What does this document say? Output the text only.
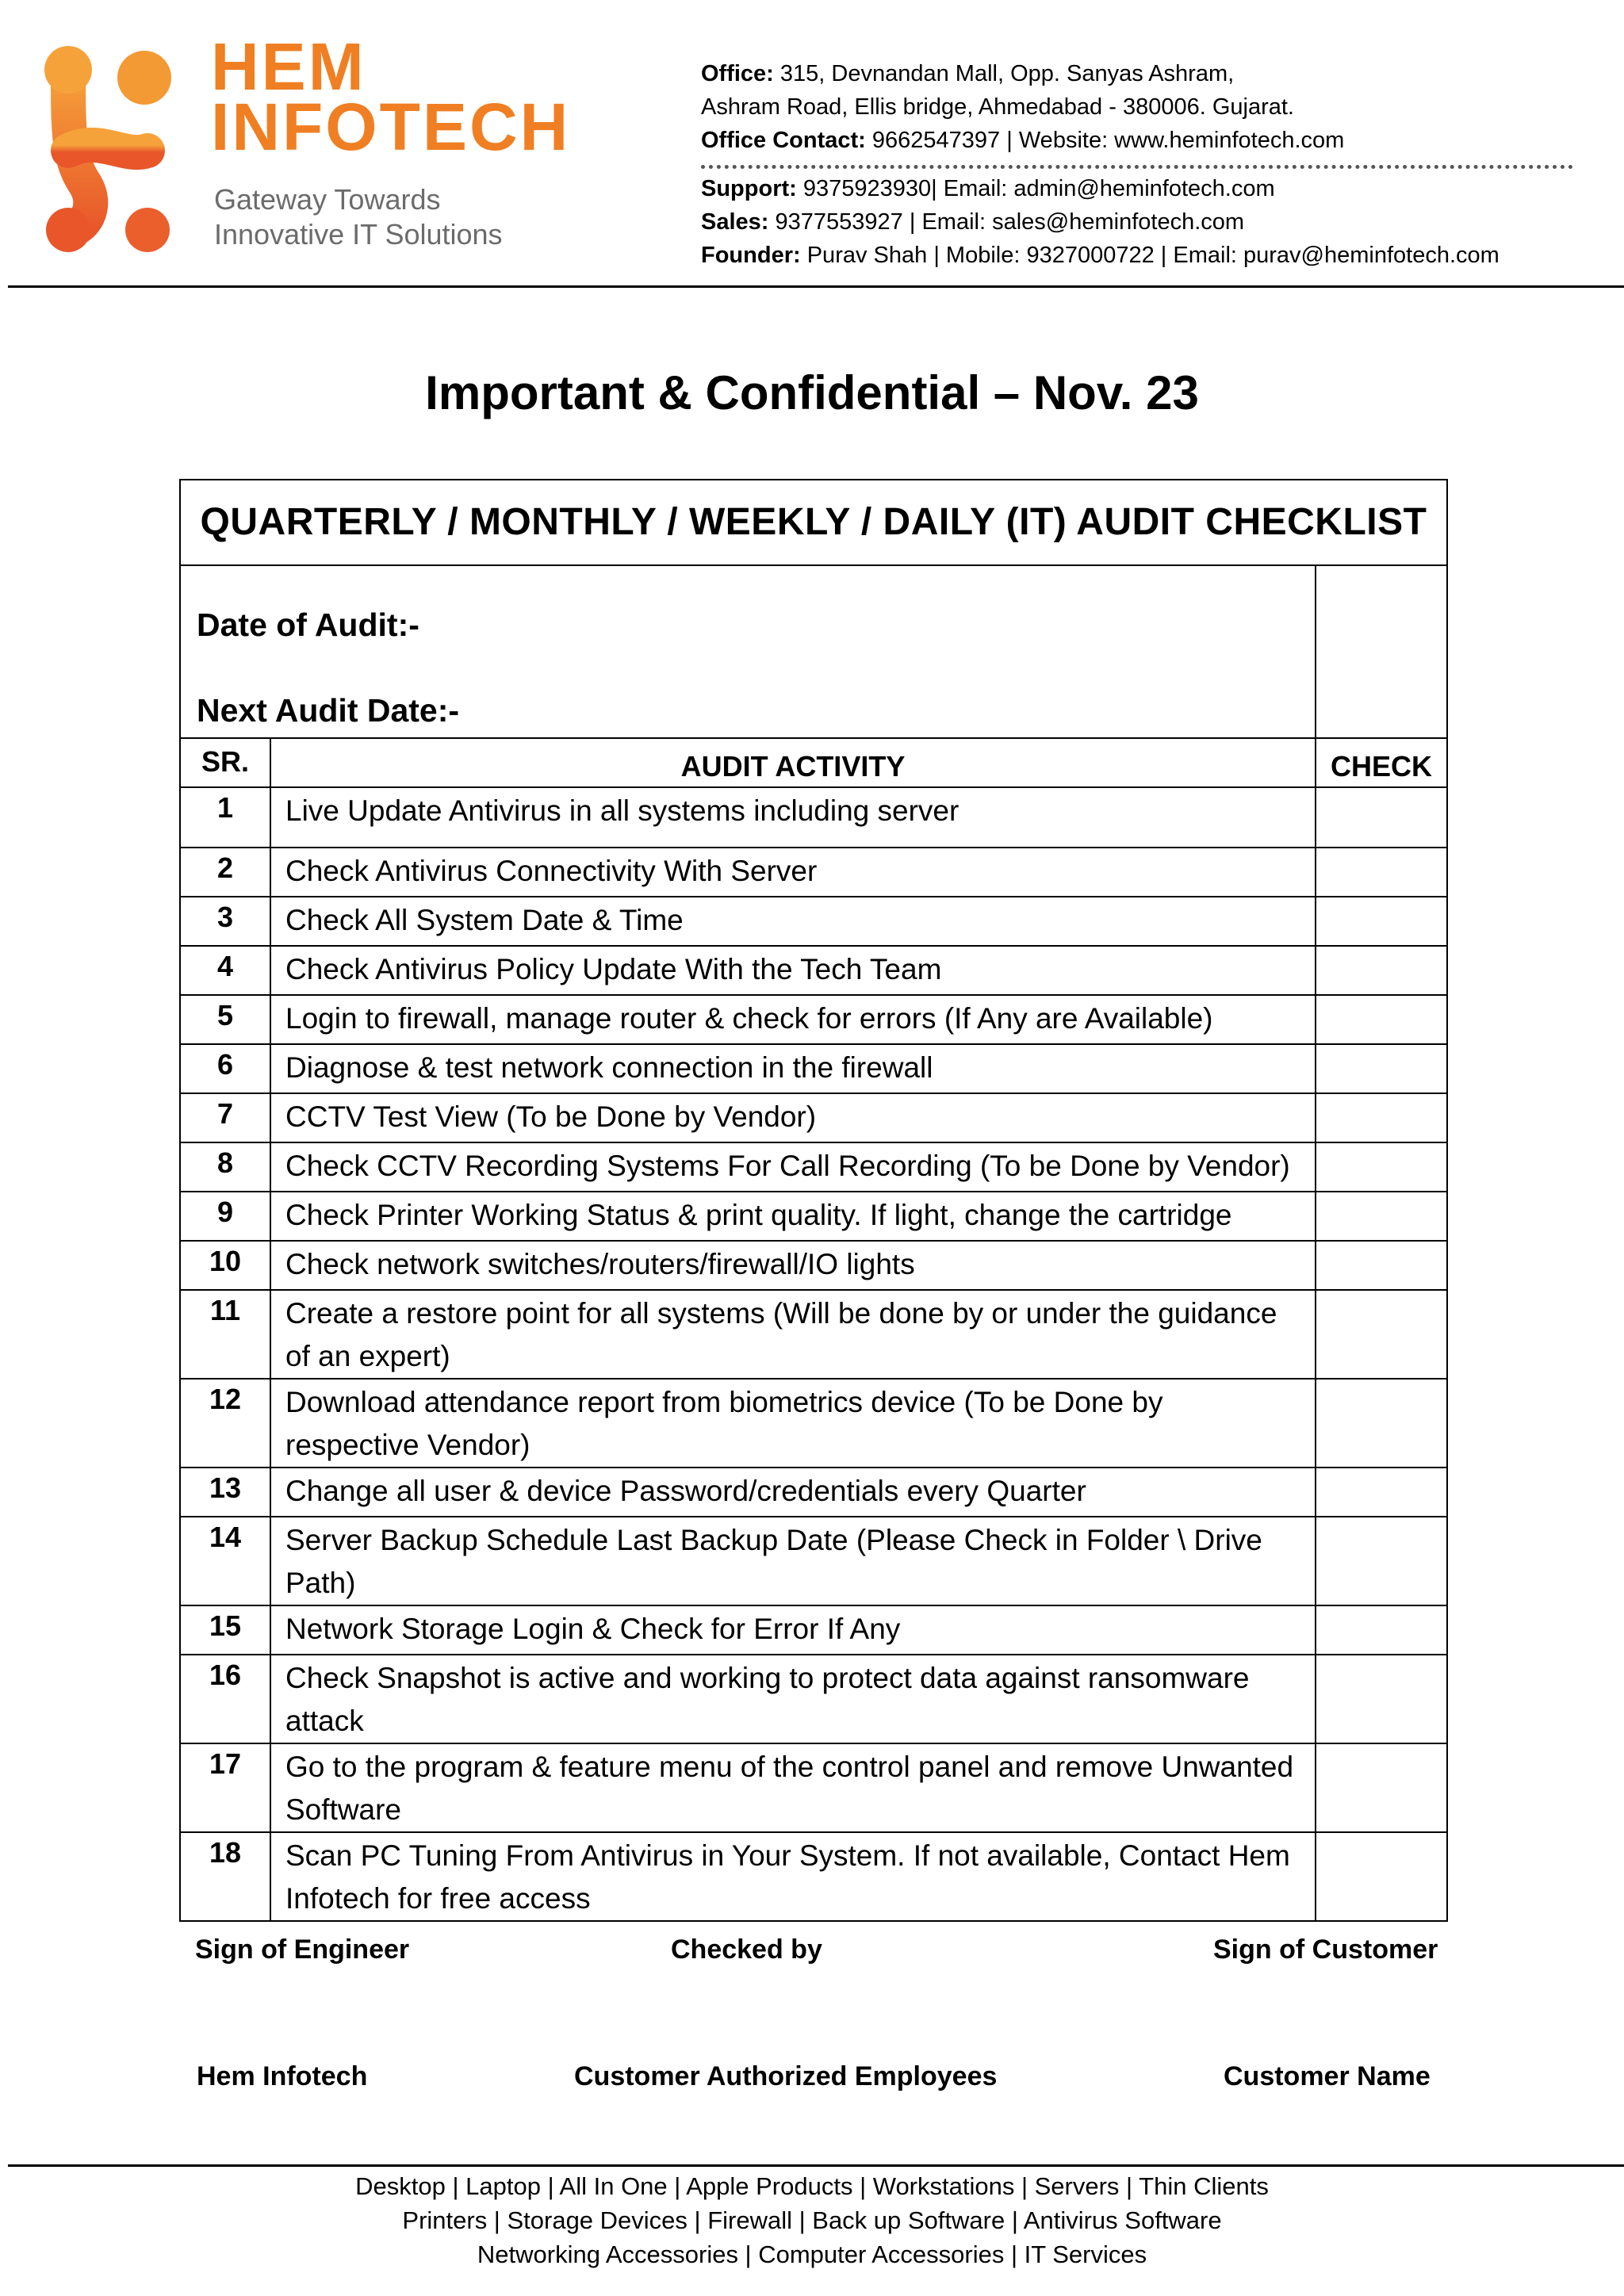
HEM
INFOTECH
Gateway Towards
Innovative IT Solutions
Office: 315, Devnandan Mall, Opp. Sanyas Ashram,
Ashram Road, Ellis bridge, Ahmedabad - 380006. Gujarat.
Office Contact: 9662547397 | Website: www.heminfotech.com
Support: 9375923930| Email: admin@heminfotech.com
Sales: 9377553927 | Email: sales@heminfotech.com
Founder: Purav Shah | Mobile: 9327000722 | Email: purav@heminfotech.com
Important & Confidential – Nov. 23
QUARTERLY / MONTHLY / WEEKLY / DAILY (IT) AUDIT CHECKLIST
Date of Audit:-
Next Audit Date:-
SR.	AUDIT ACTIVITY	CHECK
1	Live Update Antivirus in all systems including server
2	Check Antivirus Connectivity With Server
3	Check All System Date & Time
4	Check Antivirus Policy Update With the Tech Team
5	Login to firewall, manage router & check for errors (If Any are Available)
6	Diagnose & test network connection in the firewall
7	CCTV Test View (To be Done by Vendor)
8	Check CCTV Recording Systems For Call Recording (To be Done by Vendor)
9	Check Printer Working Status & print quality. If light, change the cartridge
10	Check network switches/routers/firewall/IO lights
11	Create a restore point for all systems (Will be done by or under the guidance of an expert)
12	Download attendance report from biometrics device (To be Done by respective Vendor)
13	Change all user & device Password/credentials every Quarter
14	Server Backup Schedule Last Backup Date (Please Check in Folder \ Drive Path)
15	Network Storage Login & Check for Error If Any
16	Check Snapshot is active and working to protect data against ransomware attack
17	Go to the program & feature menu of the control panel and remove Unwanted Software
18	Scan PC Tuning From Antivirus in Your System. If not available, Contact Hem Infotech for free access
Sign of Engineer	Checked by	Sign of Customer
Hem Infotech	Customer Authorized Employees	Customer Name
Desktop | Laptop | All In One | Apple Products | Workstations | Servers | Thin Clients
Printers | Storage Devices | Firewall | Back up Software | Antivirus Software
Networking Accessories | Computer Accessories | IT Services
